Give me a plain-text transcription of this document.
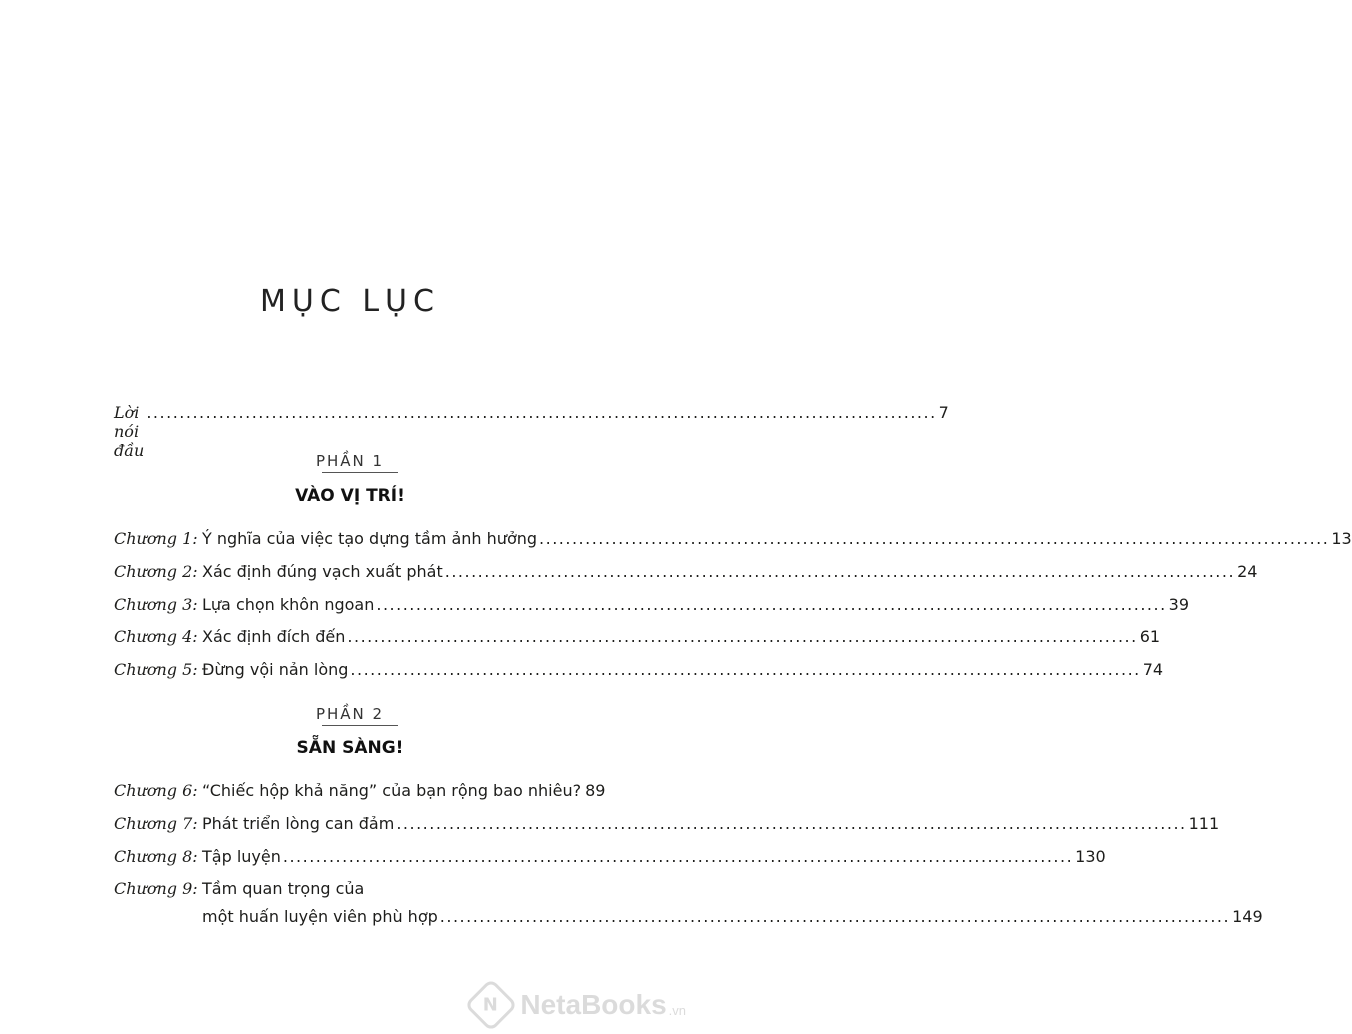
MỤC LỤC
Lời nói đầu
........................................................................................................................ 7
PHẦN 1
VÀO VỊ TRÍ!
Chương 1: Ý nghĩa của việc tạo dựng tầm ảnh hưởng ........................................................................................................................ 13
Chương 2: Xác định đúng vạch xuất phát ........................................................................................................................ 24
Chương 3: Lựa chọn khôn ngoan ........................................................................................................................ 39
Chương 4: Xác định đích đến ........................................................................................................................ 61
Chương 5: Đừng vội nản lòng ........................................................................................................................ 74
PHẦN 2
SẴN SÀNG!
Chương 6: “Chiếc hộp khả năng” của bạn rộng bao nhiêu? 89
Chương 7: Phát triển lòng can đảm ........................................................................................................................ 111
Chương 8: Tập luyện ........................................................................................................................ 130
Chương 9: Tầm quan trọng của
một huấn luyện viên phù hợp ........................................................................................................................ 149
N NetaBooks .vn
